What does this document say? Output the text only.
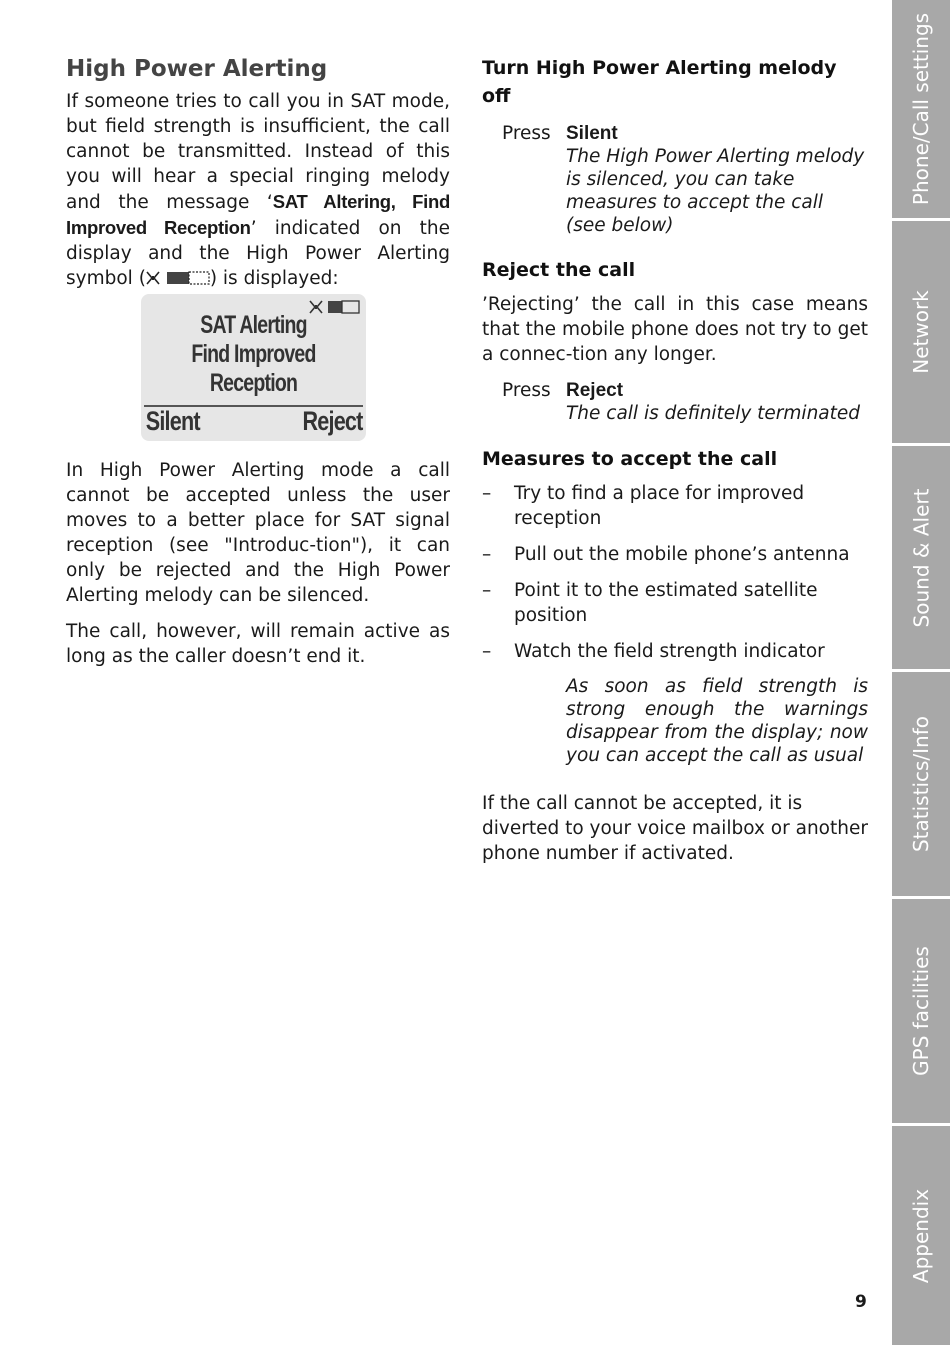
High Power Alerting

If someone tries to call you in SAT mode, but field strength is insufficient, the call cannot be transmitted. Instead of this you will hear a special ringing melody and the message ‘SAT Altering, Find Improved Reception’ indicated on the display and the High Power Alerting symbol (	) is displayed:

SAT Alerting
Find Improved
Reception
Silent	Reject

In High Power Alerting mode a call cannot be accepted unless the user moves to a better place for SAT signal reception (see "Introduc-tion"), it can only be rejected and the High Power Alerting melody can be silenced.

The call, however, will remain active as long as the caller doesn’t end it.

Turn High Power Alerting melody off
Press Silent
The High Power Alerting melody is silenced, you can take measures to accept the call (see below)
Reject the call

’Rejecting’ the call in this case means that the mobile phone does not try to get a connec-tion any longer.

Press Reject
The call is definitely terminated
Measures to accept the call
–	Try to find a place for improved reception
–	Pull out the mobile phone’s antenna
–	Point it to the estimated satellite position
–	Watch the field strength indicator

As soon as field strength is strong enough the warnings disappear from the display; now you can accept the call as usual

If the call cannot be accepted, it is diverted to your voice mailbox or another phone number if activated.

Phone/Call settings
Network
Sound & Alert
Statistics/Info
GPS facilities
Appendix
9
